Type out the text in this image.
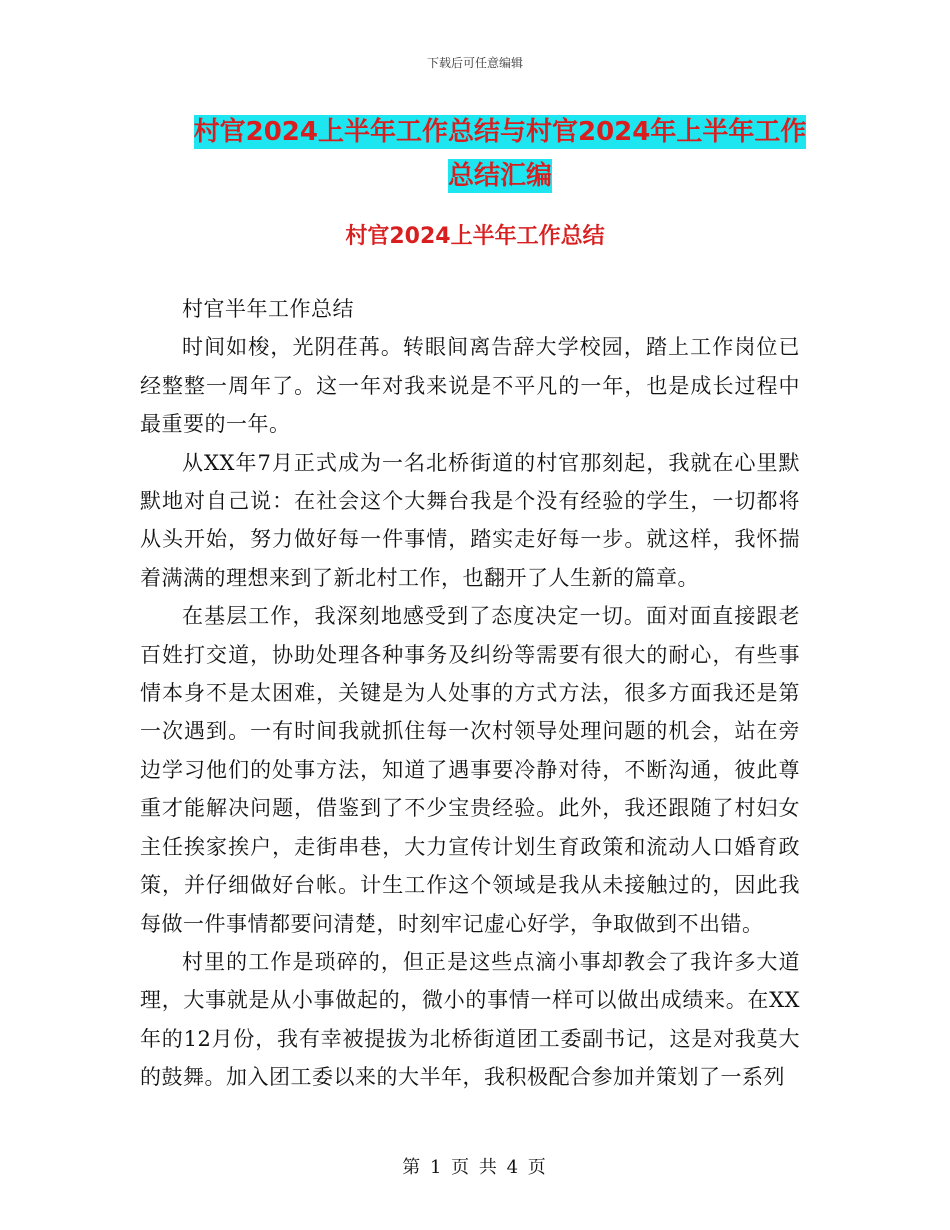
下载后可任意编辑
村官2024上半年工作总结与村官2024年上半年工作
总结汇编
村官2024上半年工作总结

村官半年工作总结

时间如梭，光阴荏苒。转眼间离告辞大学校园，踏上工作岗位已经整整一周年了。这一年对我来说是不平凡的一年，也是成长过程中最重要的一年。

从XX年7月正式成为一名北桥街道的村官那刻起，我就在心里默默地对自己说：在社会这个大舞台我是个没有经验的学生，一切都将从头开始，努力做好每一件事情，踏实走好每一步。就这样，我怀揣着满满的理想来到了新北村工作，也翻开了人生新的篇章。

在基层工作，我深刻地感受到了态度决定一切。面对面直接跟老百姓打交道，协助处理各种事务及纠纷等需要有很大的耐心，有些事情本身不是太困难，关键是为人处事的方式方法，很多方面我还是第一次遇到。一有时间我就抓住每一次村领导处理问题的机会，站在旁边学习他们的处事方法，知道了遇事要冷静对待，不断沟通，彼此尊重才能解决问题，借鉴到了不少宝贵经验。此外，我还跟随了村妇女主任挨家挨户，走街串巷，大力宣传计划生育政策和流动人口婚育政策，并仔细做好台帐。计生工作这个领域是我从未接触过的，因此我每做一件事情都要问清楚，时刻牢记虚心好学，争取做到不出错。

村里的工作是琐碎的，但正是这些点滴小事却教会了我许多大道理，大事就是从小事做起的，微小的事情一样可以做出成绩来。在XX年的12月份，我有幸被提拔为北桥街道团工委副书记，这是对我莫大的鼓舞。加入团工委以来的大半年，我积极配合参加并策划了一系列

第 1 页 共 4 页
